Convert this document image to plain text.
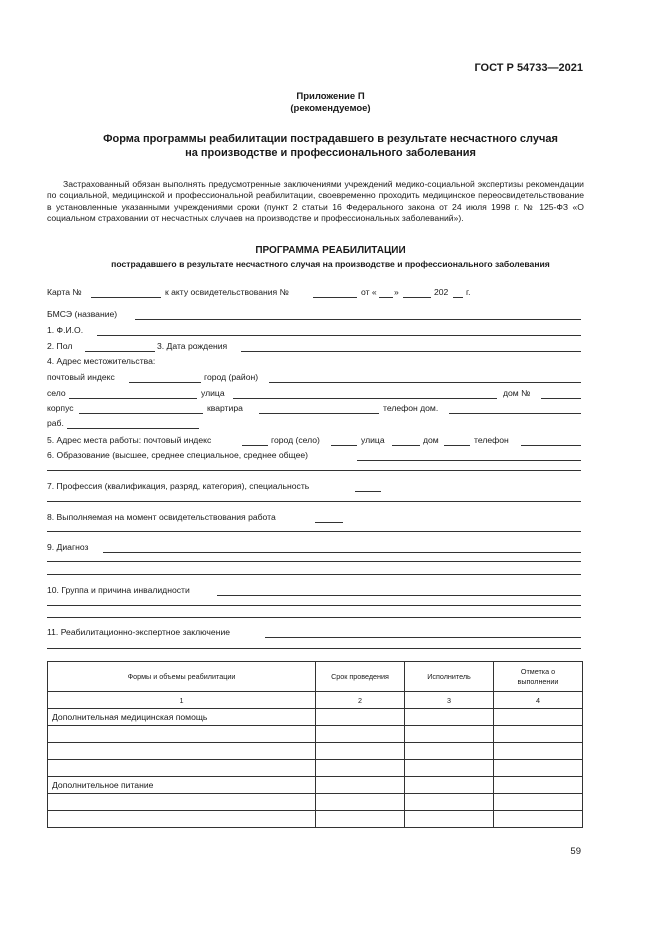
ГОСТ Р 54733—2021
Приложение П
(рекомендуемое)
Форма программы реабилитации пострадавшего в результате несчастного случая
на производстве и профессионального заболевания
Застрахованный обязан выполнять предусмотренные заключениями учреждений медико-социальной экспертизы рекомендации по социальной, медицинской и профессиональной реабилитации, своевременно проходить медицинское переосвидетельствование в установленные указанными учреждениями сроки (пункт 2 статьи 16 Федерального закона от 24 июля 1998 г. № 125-ФЗ «О социальном страховании от несчастных случаев на производстве и профессиональных заболеваний»).
ПРОГРАММА РЕАБИЛИТАЦИИ
пострадавшего в результате несчастного случая на производстве и профессионального заболевания
Карта №	к акту освидетельствования №	от « »	202 г.
БМСЭ (название)
1. Ф.И.О.
2. Пол	3. Дата рождения
4. Адрес местожительства:
почтовый индекс	город (район)
село	улица	дом №
корпус	квартира	телефон дом.
раб.
5. Адрес места работы: почтовый индекс	город (село)	улица	дом	телефон
6. Образование (высшее, среднее специальное, среднее общее)
7. Профессия (квалификация, разряд, категория), специальность
8. Выполняемая на момент освидетельствования работа
9. Диагноз
10. Группа и причина инвалидности
11. Реабилитационно-экспертное заключение
Формы и объемы реабилитации	Срок проведения	Исполнитель	Отметка о выполнении
1	2	3	4
Дополнительная медицинская помощь			

Дополнительное питание			

59
